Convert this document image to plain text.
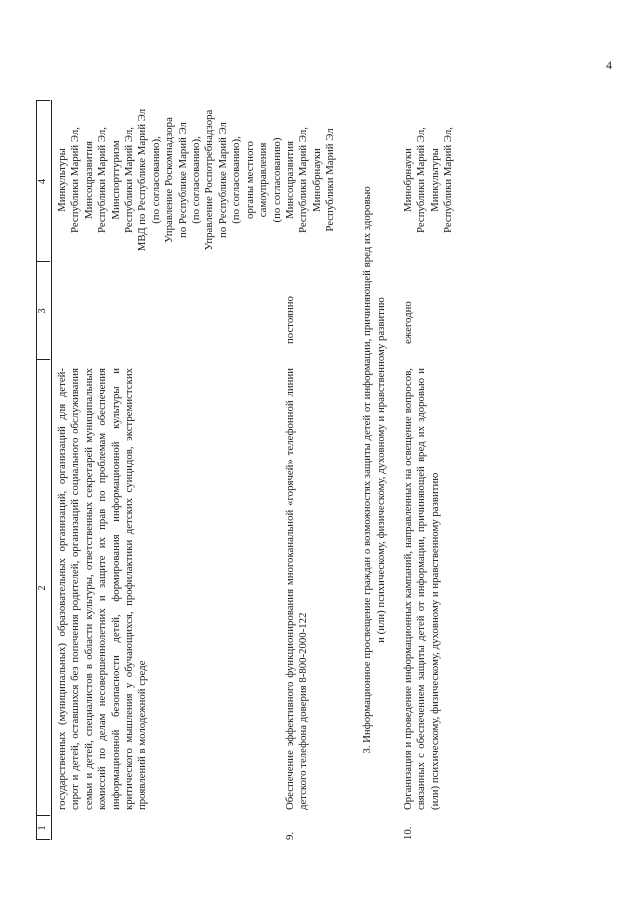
4
1
2
3
4
государственных (муниципальных) образовательных организаций, организаций для детей-сирот и детей, оставшихся без попечения родителей, организаций социального обслуживания семьи и детей, специалистов в области культуры, ответственных секретарей муниципальных комиссий по делам несовершеннолетних и защите их прав по проблемам обеспечения информационной безопасности детей, формирования информационной культуры и критического мышления у обучающихся, профилактики детских суицидов, экстремистских проявлений в молодежной среде
Минкультуры Республики Марий Эл, Минсоцразвития Республики Марий Эл, Минспорттуризм Республики Марий Эл, МВД по Республике Марий Эл (по согласованию), Управление Роскомнадзора по Республике Марий Эл (по согласованию), Управление Роспотребнадзора по Республике Марий Эл (по согласованию), органы местного самоуправления (по согласованию)
9.
Обеспечение эффективного функционирования многоканальной «горячей» телефонной линии детского телефона доверия 8-800-2000-122
постоянно
Минсоцразвития Республики Марий Эл, Минобрнауки Республики Марий Эл
3. Информационное просвещение граждан о возможностях защиты детей от информации, причиняющей вред их здоровью и (или) психическому, физическому, духовному и нравственному развитию
10.
Организация и проведение информационных кампаний, направленных на освещение вопросов, связанных с обеспечением защиты детей от информации, причиняющей вред их здоровью и (или) психическому, физическому, духовному и нравственному развитию
ежегодно
Минобрнауки Республики Марий Эл, Минкультуры Республики Марий Эл,
